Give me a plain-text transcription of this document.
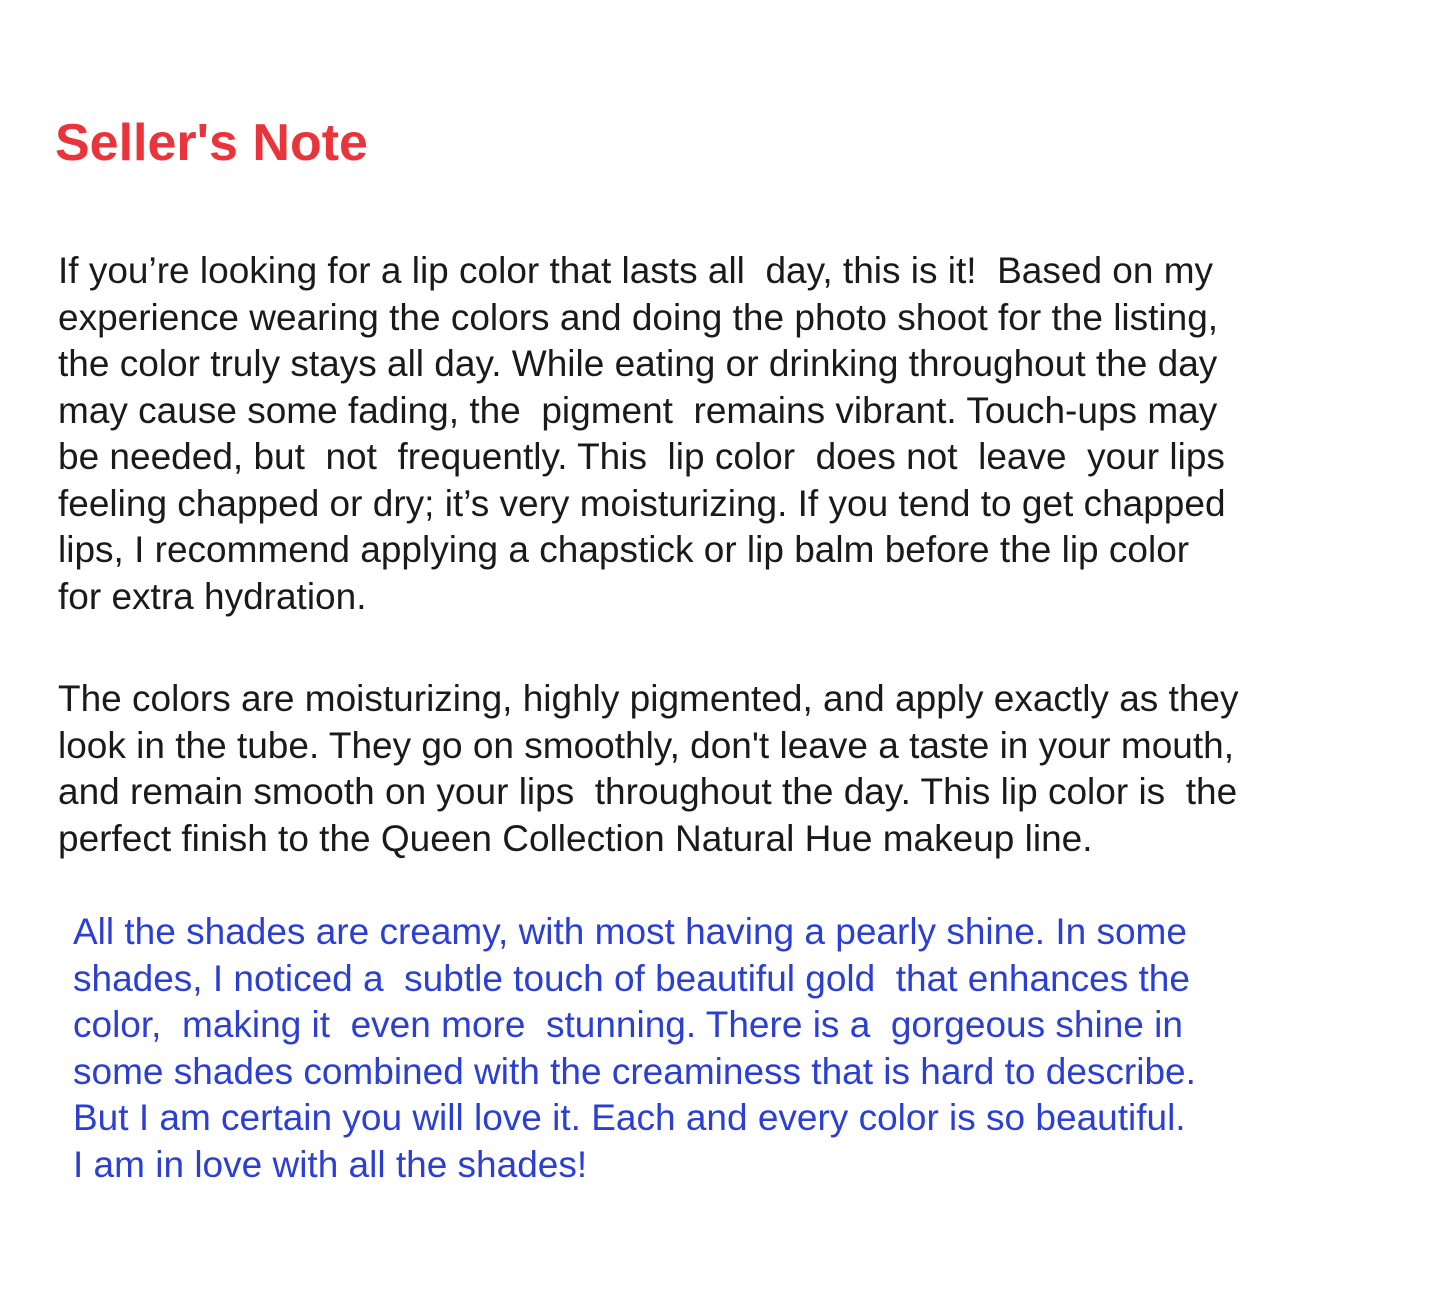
Seller's Note

If you’re looking for a lip color that lasts all  day, this is it!  Based on my
experience wearing the colors and doing the photo shoot for the listing,
the color truly stays all day. While eating or drinking throughout the day
may cause some fading, the  pigment  remains vibrant. Touch-ups may
be needed, but  not  frequently. This  lip color  does not  leave  your lips
feeling chapped or dry; it’s very moisturizing. If you tend to get chapped
lips, I recommend applying a chapstick or lip balm before the lip color
for extra hydration.

The colors are moisturizing, highly pigmented, and apply exactly as they
look in the tube. They go on smoothly, don't leave a taste in your mouth,
and remain smooth on your lips  throughout the day. This lip color is  the
perfect finish to the Queen Collection Natural Hue makeup line.

All the shades are creamy, with most having a pearly shine. In some
shades, I noticed a  subtle touch of beautiful gold  that enhances the
color,  making it  even more  stunning. There is a  gorgeous shine in
some shades combined with the creaminess that is hard to describe.
But I am certain you will love it. Each and every color is so beautiful.
I am in love with all the shades!
